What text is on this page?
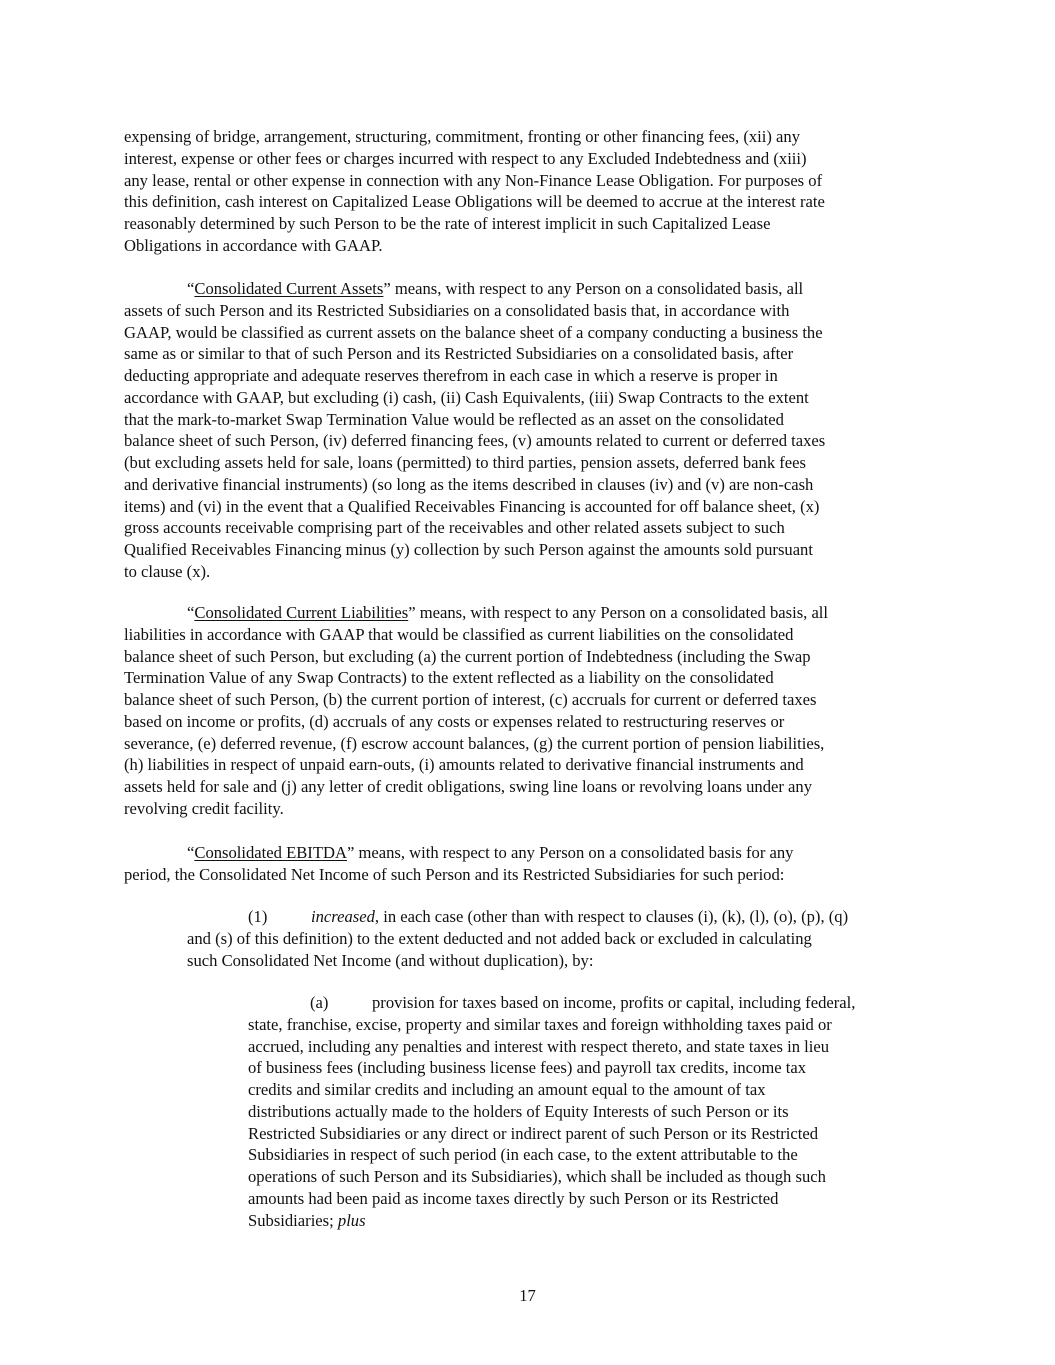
expensing of bridge, arrangement, structuring, commitment, fronting or other financing fees, (xii) any
interest, expense or other fees or charges incurred with respect to any Excluded Indebtedness and (xiii)
any lease, rental or other expense in connection with any Non-Finance Lease Obligation. For purposes of
this definition, cash interest on Capitalized Lease Obligations will be deemed to accrue at the interest rate
reasonably determined by such Person to be the rate of interest implicit in such Capitalized Lease
Obligations in accordance with GAAP.
“Consolidated Current Assets” means, with respect to any Person on a consolidated basis, all
assets of such Person and its Restricted Subsidiaries on a consolidated basis that, in accordance with
GAAP, would be classified as current assets on the balance sheet of a company conducting a business the
same as or similar to that of such Person and its Restricted Subsidiaries on a consolidated basis, after
deducting appropriate and adequate reserves therefrom in each case in which a reserve is proper in
accordance with GAAP, but excluding (i) cash, (ii) Cash Equivalents, (iii) Swap Contracts to the extent
that the mark-to-market Swap Termination Value would be reflected as an asset on the consolidated
balance sheet of such Person, (iv) deferred financing fees, (v) amounts related to current or deferred taxes
(but excluding assets held for sale, loans (permitted) to third parties, pension assets, deferred bank fees
and derivative financial instruments) (so long as the items described in clauses (iv) and (v) are non-cash
items) and (vi) in the event that a Qualified Receivables Financing is accounted for off balance sheet, (x)
gross accounts receivable comprising part of the receivables and other related assets subject to such
Qualified Receivables Financing minus (y) collection by such Person against the amounts sold pursuant
to clause (x).
“Consolidated Current Liabilities” means, with respect to any Person on a consolidated basis, all
liabilities in accordance with GAAP that would be classified as current liabilities on the consolidated
balance sheet of such Person, but excluding (a) the current portion of Indebtedness (including the Swap
Termination Value of any Swap Contracts) to the extent reflected as a liability on the consolidated
balance sheet of such Person, (b) the current portion of interest, (c) accruals for current or deferred taxes
based on income or profits, (d) accruals of any costs or expenses related to restructuring reserves or
severance, (e) deferred revenue, (f) escrow account balances, (g) the current portion of pension liabilities,
(h) liabilities in respect of unpaid earn-outs, (i) amounts related to derivative financial instruments and
assets held for sale and (j) any letter of credit obligations, swing line loans or revolving loans under any
revolving credit facility.
“Consolidated EBITDA” means, with respect to any Person on a consolidated basis for any
period, the Consolidated Net Income of such Person and its Restricted Subsidiaries for such period:
(1)	increased, in each case (other than with respect to clauses (i), (k), (l), (o), (p), (q)
and (s) of this definition) to the extent deducted and not added back or excluded in calculating
such Consolidated Net Income (and without duplication), by:
(a)	provision for taxes based on income, profits or capital, including federal,
state, franchise, excise, property and similar taxes and foreign withholding taxes paid or
accrued, including any penalties and interest with respect thereto, and state taxes in lieu
of business fees (including business license fees) and payroll tax credits, income tax
credits and similar credits and including an amount equal to the amount of tax
distributions actually made to the holders of Equity Interests of such Person or its
Restricted Subsidiaries or any direct or indirect parent of such Person or its Restricted
Subsidiaries in respect of such period (in each case, to the extent attributable to the
operations of such Person and its Subsidiaries), which shall be included as though such
amounts had been paid as income taxes directly by such Person or its Restricted
Subsidiaries; plus
17
